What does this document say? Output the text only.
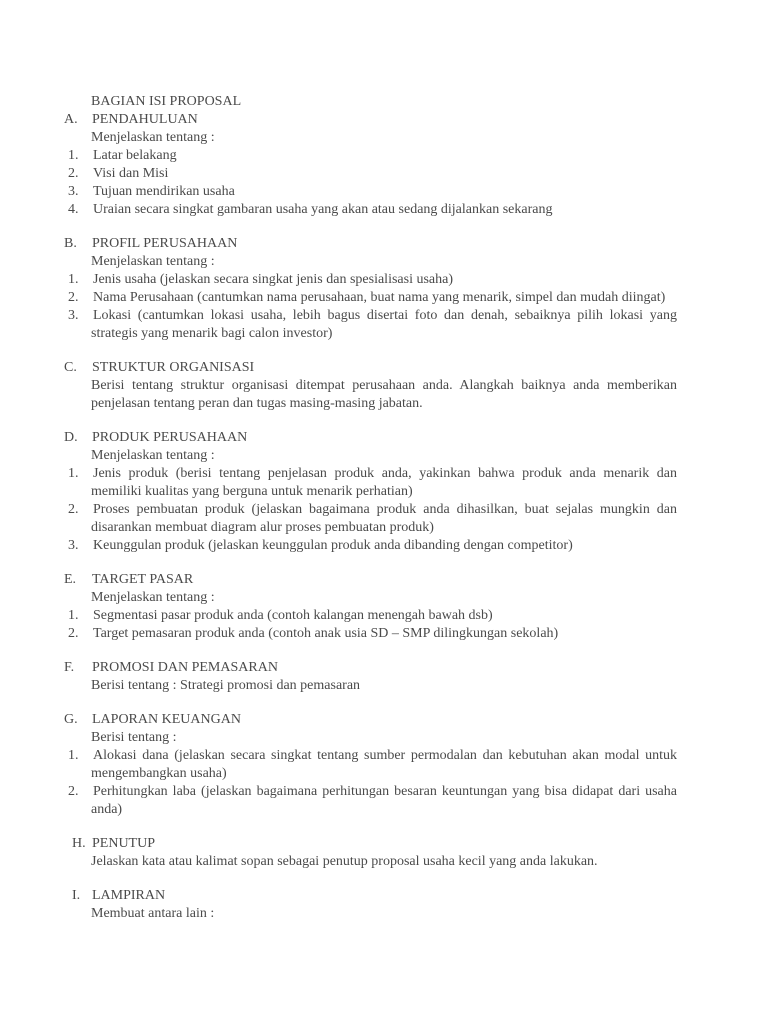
BAGIAN ISI PROPOSAL
A. PENDAHULUAN
Menjelaskan tentang :
1. Latar belakang
2. Visi dan Misi
3. Tujuan mendirikan usaha
4. Uraian secara singkat gambaran usaha yang akan atau sedang dijalankan sekarang
B. PROFIL PERUSAHAAN
Menjelaskan tentang :
1. Jenis usaha (jelaskan secara singkat jenis dan spesialisasi usaha)
2. Nama Perusahaan (cantumkan nama perusahaan, buat nama yang menarik, simpel dan mudah diingat)
3. Lokasi (cantumkan lokasi usaha, lebih bagus disertai foto dan denah, sebaiknya pilih lokasi yang strategis yang menarik bagi calon investor)
C. STRUKTUR ORGANISASI
Berisi tentang struktur organisasi ditempat perusahaan anda. Alangkah baiknya anda memberikan penjelasan tentang peran dan tugas masing-masing jabatan.
D. PRODUK PERUSAHAAN
Menjelaskan tentang :
1. Jenis produk (berisi tentang penjelasan produk anda, yakinkan bahwa produk anda menarik dan memiliki kualitas yang berguna untuk menarik perhatian)
2. Proses pembuatan produk (jelaskan bagaimana produk anda dihasilkan, buat sejalas mungkin dan disarankan membuat diagram alur proses pembuatan produk)
3. Keunggulan produk (jelaskan keunggulan produk anda dibanding dengan competitor)
E. TARGET PASAR
Menjelaskan tentang :
1. Segmentasi pasar produk anda (contoh kalangan menengah bawah dsb)
2. Target pemasaran produk anda (contoh anak usia SD – SMP dilingkungan sekolah)
F. PROMOSI DAN PEMASARAN
Berisi tentang : Strategi promosi dan pemasaran
G. LAPORAN KEUANGAN
Berisi tentang :
1. Alokasi dana (jelaskan secara singkat tentang sumber permodalan dan kebutuhan akan modal untuk mengembangkan usaha)
2. Perhitungkan laba (jelaskan bagaimana perhitungan besaran keuntungan yang bisa didapat dari usaha anda)
H. PENUTUP
Jelaskan kata atau kalimat sopan sebagai penutup proposal usaha kecil yang anda lakukan.
I. LAMPIRAN
Membuat antara lain :
